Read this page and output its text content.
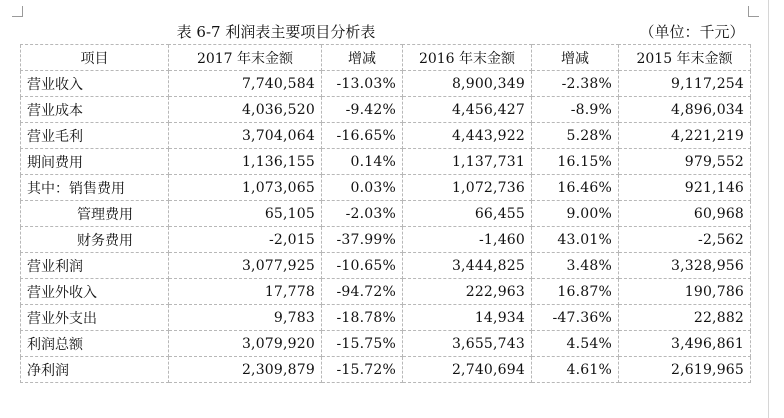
表 6-7 利润表主要项目分析表				（单位：千元）	
项目	2017 年末金额	增减	2016 年末金额	增减	2015 年末金额
营业收入	7,740,584	-13.03%	8,900,349	-2.38%	9,117,254
营业成本	4,036,520	-9.42%	4,456,427	-8.9%	4,896,034
营业毛利	3,704,064	-16.65%	4,443,922	5.28%	4,221,219
期间费用	1,136,155	0.14%	1,137,731	16.15%	979,552
其中：销售费用	1,073,065	0.03%	1,072,736	16.46%	921,146
管理费用	65,105	-2.03%	66,455	9.00%	60,968
财务费用	-2,015	-37.99%	-1,460	43.01%	-2,562
营业利润	3,077,925	-10.65%	3,444,825	3.48%	3,328,956
营业外收入	17,778	-94.72%	222,963	16.87%	190,786
营业外支出	9,783	-18.78%	14,934	-47.36%	22,882
利润总额	3,079,920	-15.75%	3,655,743	4.54%	3,496,861
净利润	2,309,879	-15.72%	2,740,694	4.61%	2,619,965
